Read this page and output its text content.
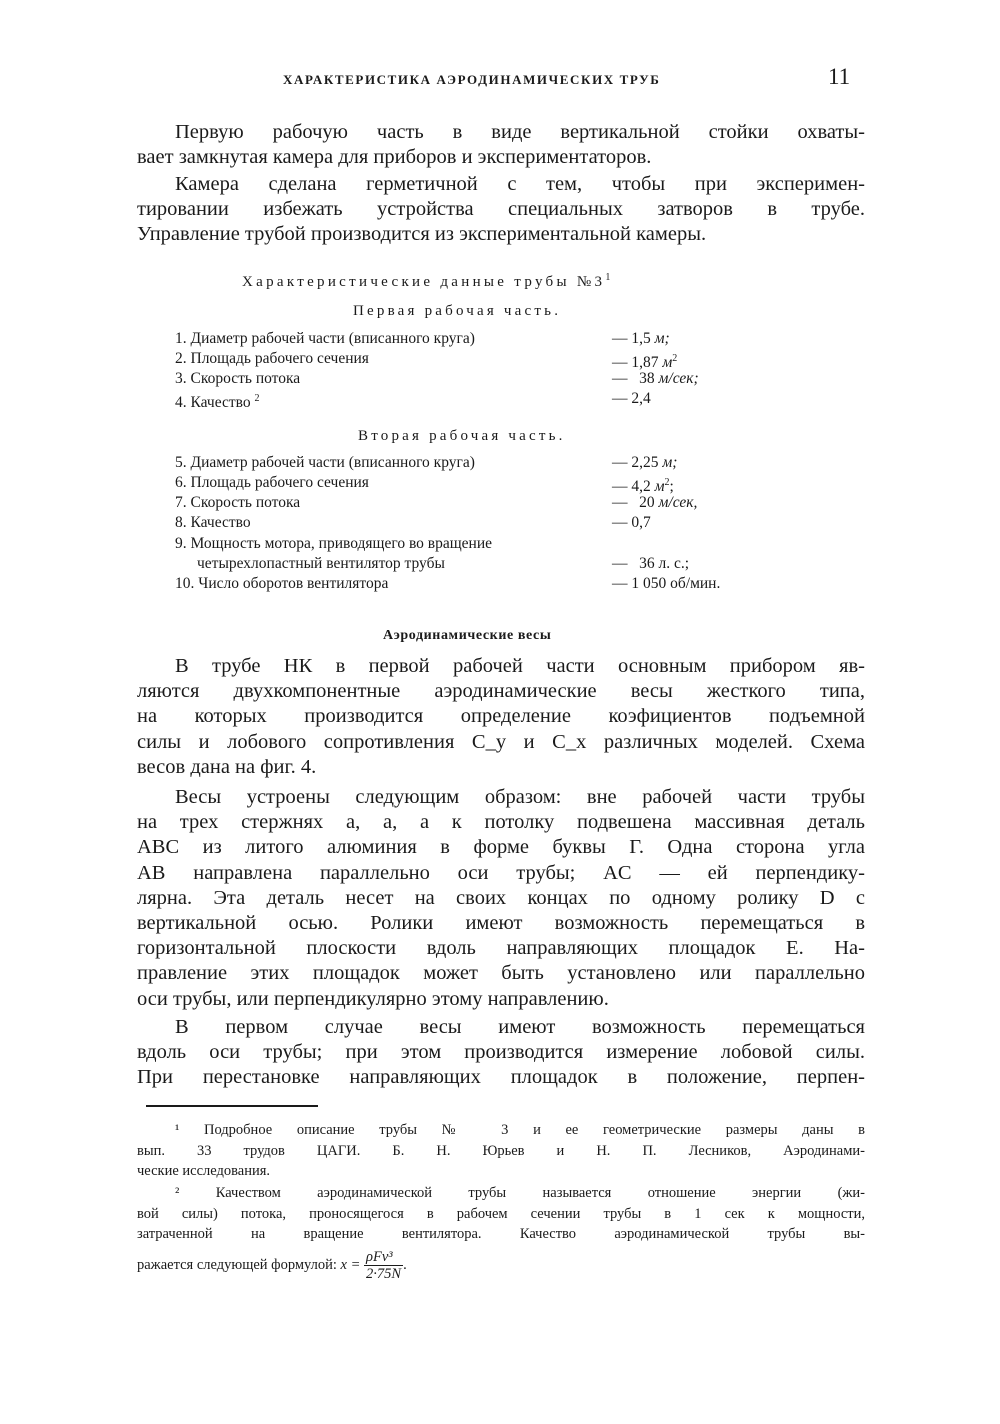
ХАРАКТЕРИСТИКА АЭРОДИНАМИЧЕСКИХ ТРУБ	11
Первую рабочую часть в виде вертикальной стойки охваты-
вает замкнутая камера для приборов и экспериментаторов.
Камера сделана герметичной с тем, чтобы при эксперимен-
тировании избежать устройства специальных затворов в трубе.
Управление трубой производится из экспериментальной камеры.
Характеристические данные трубы $№3^1$
Первая рабочая часть.
1. Диаметр рабочей части (вписанного круга)	— 1,5 м;
2. Площадь рабочего сечения	— 1,87 $м^2$
3. Скорость потока	—   38 м/сек;
4. Качество $^2$	— 2,4
Вторая рабочая часть.
5. Диаметр рабочей части (вписанного круга)	— 2,25 м;
6. Площадь рабочего сечения	— 4,2 $м^2$;
7. Скорость потока	—   20 м/сек,
8. Качество	— 0,7
9. Мощность мотора, приводящего во вращение
четырехлопастный вентилятор трубы	—   36 л. с.;
10. Число оборотов вентилятора	— 1 050 об/мин.
Аэродинамические весы
В трубе НК в первой рабочей части основным прибором яв-
ляются двухкомпонентные аэродинамические весы жесткого типа,
на которых производится определение коэфициентов подъемной
силы и лобового сопротивления C_y и C_x различных моделей. Схема
весов дана на фиг. 4.
Весы устроены следующим образом: вне рабочей части трубы
на трех стержнях a, a, a к потолку подвешена массивная деталь
ABC из литого алюминия в форме буквы Г. Одна сторона угла
AB направлена параллельно оси трубы; AC — ей перпендику-
лярна. Эта деталь несет на своих концах по одному ролику D с
вертикальной осью. Ролики имеют возможность перемещаться в
горизонтальной плоскости вдоль направляющих площадок E. На-
правление этих площадок может быть установлено или параллельно
оси трубы, или перпендикулярно этому направлению.
В первом случае весы имеют возможность перемещаться
вдоль оси трубы; при этом производится измерение лобовой силы.
При перестановке направляющих площадок в положение, перпен-
¹ Подробное описание трубы № 3 и ее геометрические размеры даны в
вып. 33 трудов ЦАГИ. Б. Н. Юрьев и Н. П. Лесников, Аэродинами-
ческие исследования.
² Качеством аэродинамической трубы называется отношение энергии (жи-
вой силы) потока, проносящегося в рабочем сечении трубы в 1 сек к мощности,
затраченной на вращение вентилятора. Качество аэродинамической трубы вы-
ражается следующей формулой: $x = \frac{\text{ρFv³}}{2\cdot 75N}$ .
